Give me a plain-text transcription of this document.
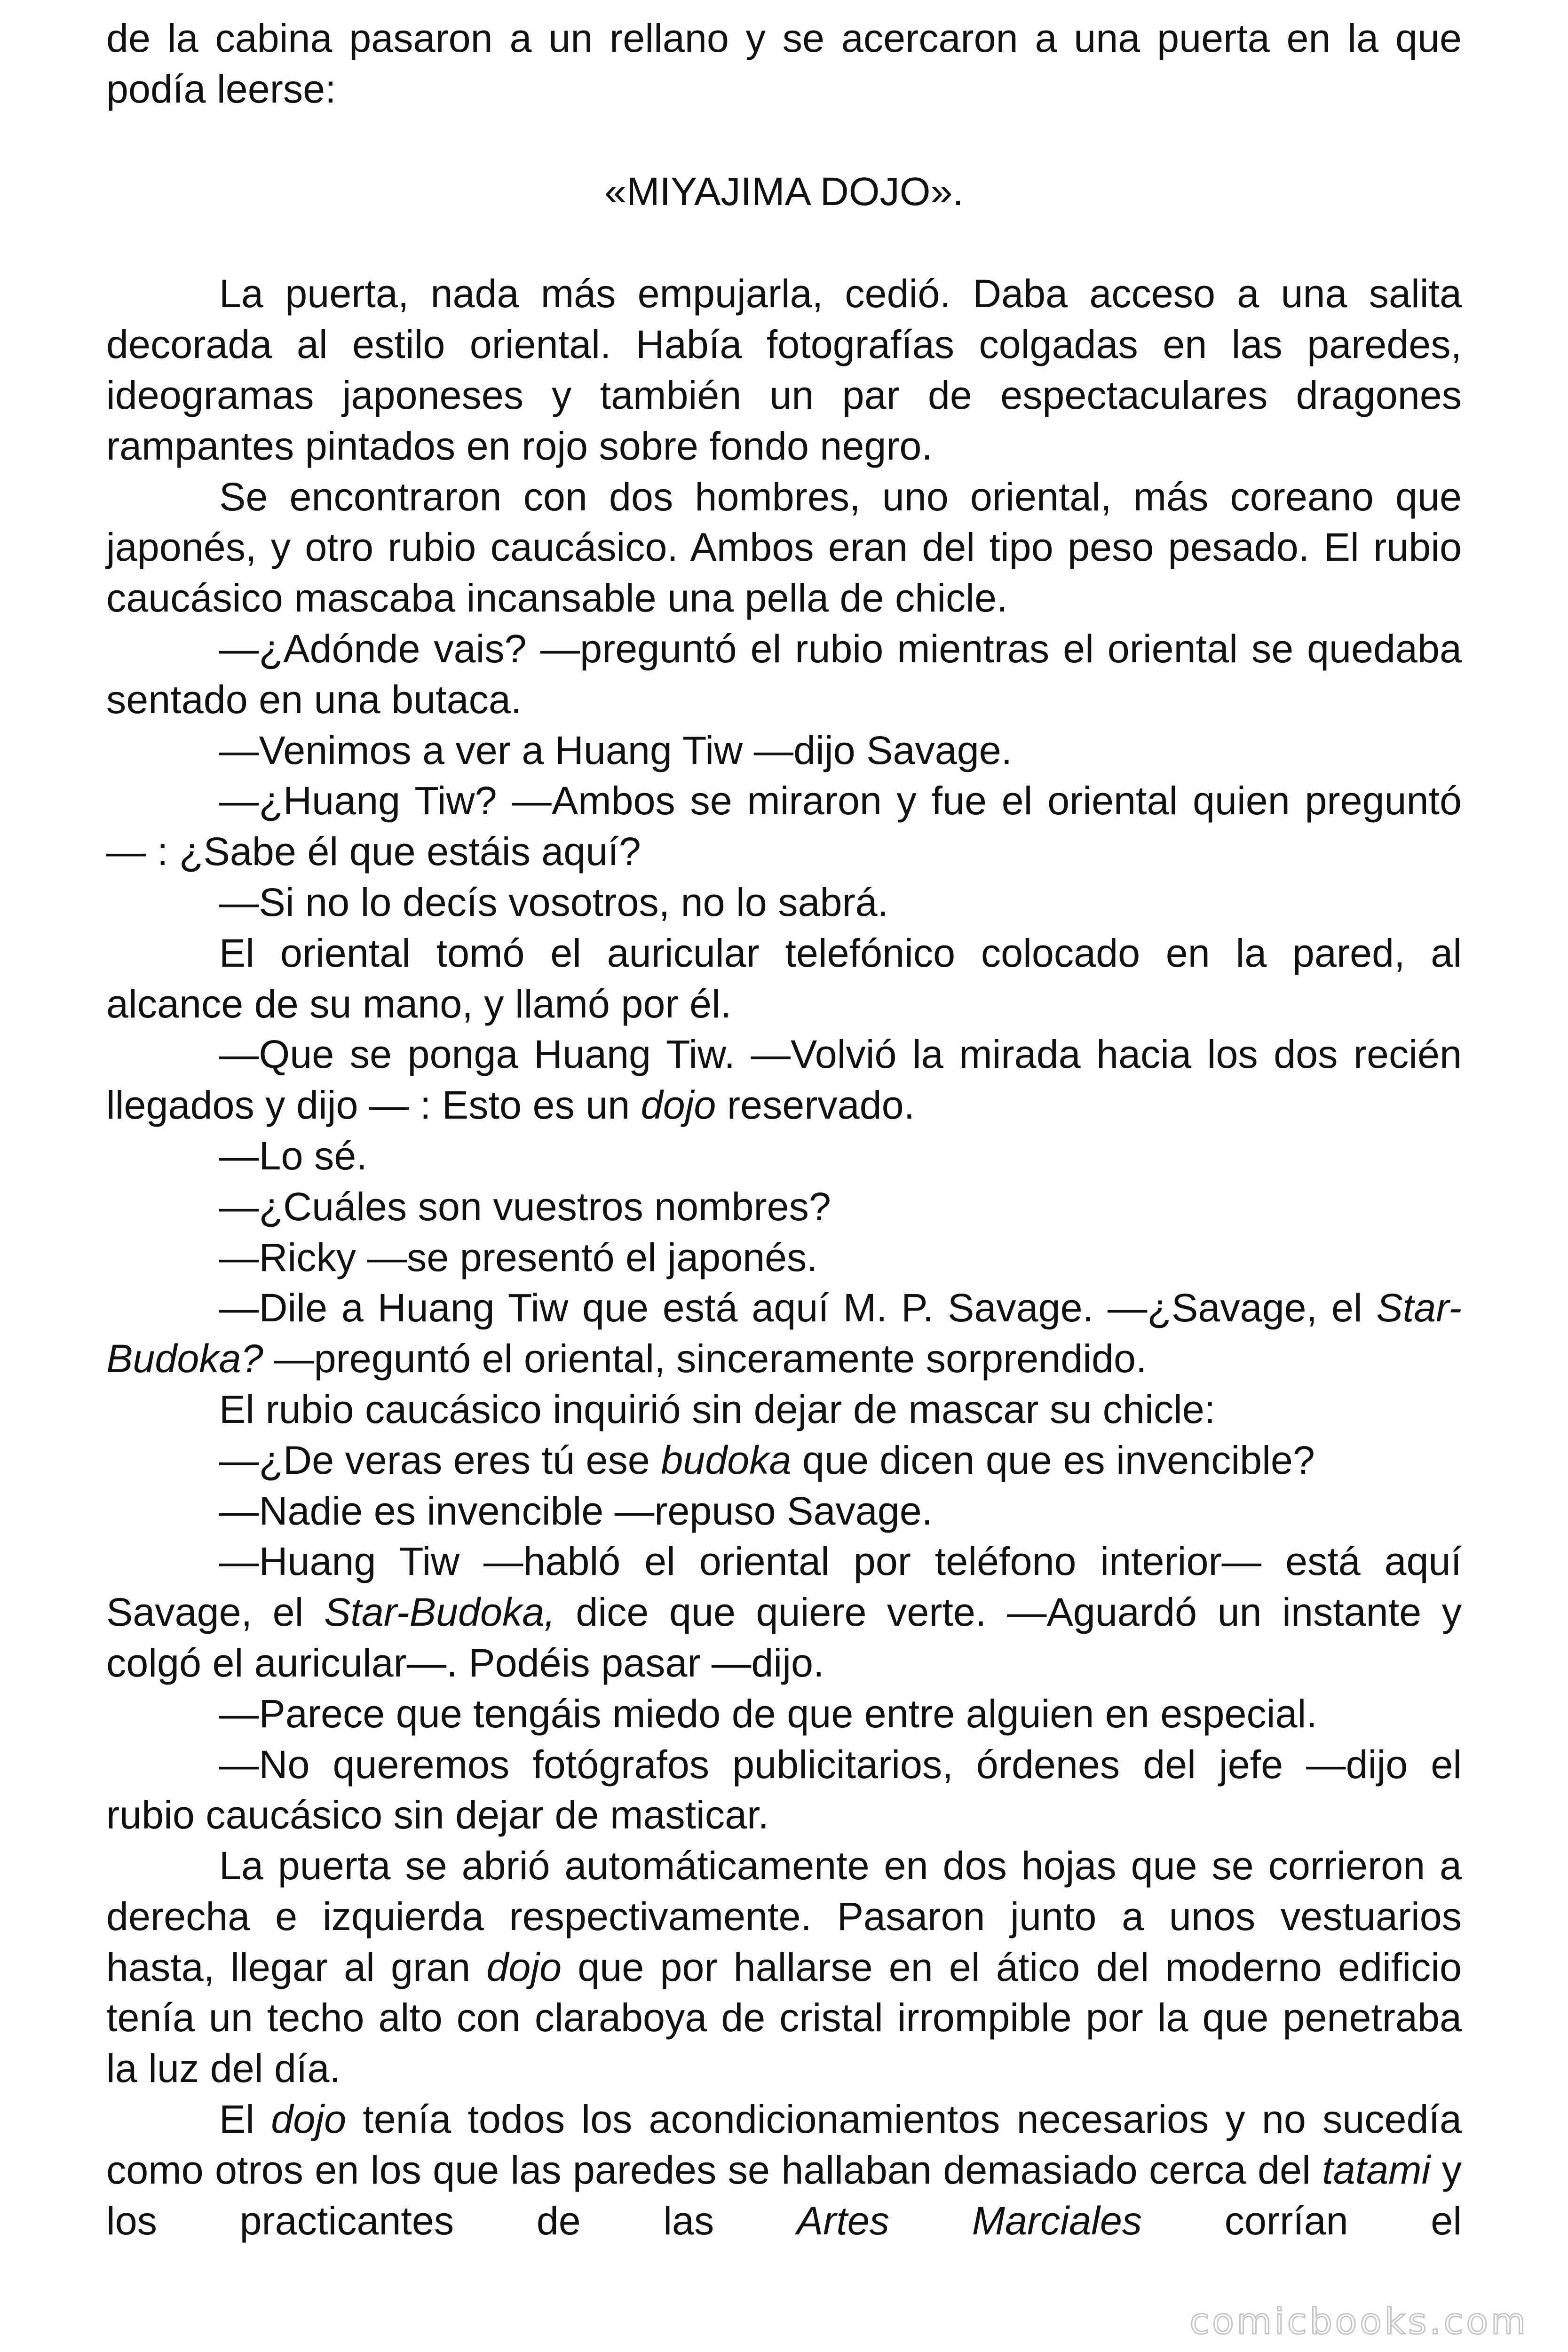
de la cabina pasaron a un rellano y se acercaron a una puerta en la que podía leerse:

«MIYAJIMA DOJO».

La puerta, nada más empujarla, cedió. Daba acceso a una salita decorada al estilo oriental. Había fotografías colgadas en las paredes, ideogramas japoneses y también un par de espectaculares dragones rampantes pintados en rojo sobre fondo negro.

Se encontraron con dos hombres, uno oriental, más coreano que japonés, y otro rubio caucásico. Ambos eran del tipo peso pesado. El rubio caucásico mascaba incansable una pella de chicle.

—¿Adónde vais? —preguntó el rubio mientras el oriental se quedaba sentado en una butaca.

—Venimos a ver a Huang Tiw —dijo Savage.

—¿Huang Tiw? —Ambos se miraron y fue el oriental quien preguntó — : ¿Sabe él que estáis aquí?

—Si no lo decís vosotros, no lo sabrá.

El oriental tomó el auricular telefónico colocado en la pared, al alcance de su mano, y llamó por él.

—Que se ponga Huang Tiw. —Volvió la mirada hacia los dos recién llegados y dijo — : Esto es un dojo reservado.

—Lo sé.

—¿Cuáles son vuestros nombres?

—Ricky —se presentó el japonés.

—Dile a Huang Tiw que está aquí M. P. Savage. —¿Savage, el Star-Budoka? —preguntó el oriental, sinceramente sorprendido.

El rubio caucásico inquirió sin dejar de mascar su chicle:

—¿De veras eres tú ese budoka que dicen que es invencible?

—Nadie es invencible —repuso Savage.

—Huang Tiw —habló el oriental por teléfono interior— está aquí Savage, el Star-Budoka, dice que quiere verte. —Aguardó un instante y colgó el auricular—. Podéis pasar —dijo.

—Parece que tengáis miedo de que entre alguien en especial.

—No queremos fotógrafos publicitarios, órdenes del jefe —dijo el rubio caucásico sin dejar de masticar.

La puerta se abrió automáticamente en dos hojas que se corrieron a derecha e izquierda respectivamente. Pasaron junto a unos vestuarios hasta, llegar al gran dojo que por hallarse en el ático del moderno edificio tenía un techo alto con claraboya de cristal irrompible por la que penetraba la luz del día.

El dojo tenía todos los acondicionamientos necesarios y no sucedía como otros en los que las paredes se hallaban demasiado cerca del tatami y los practicantes de las Artes Marciales corrían el

comicbooks.com
